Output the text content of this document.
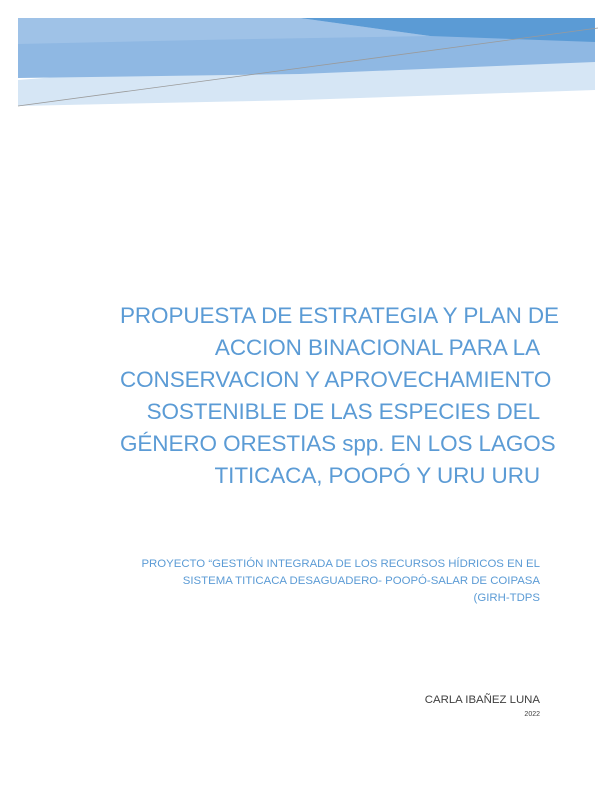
PROPUESTA DE ESTRATEGIA Y PLAN DE
ACCION BINACIONAL PARA LA
CONSERVACION Y APROVECHAMIENTO
SOSTENIBLE DE LAS ESPECIES DEL
GÉNERO ORESTIAS spp. EN LOS LAGOS
TITICACA, POOPÓ Y URU URU
PROYECTO “GESTIÓN INTEGRADA DE LOS RECURSOS HÍDRICOS EN EL
SISTEMA TITICACA DESAGUADERO- POOPÓ-SALAR DE COIPASA
(GIRH-TDPS
CARLA IBAÑEZ LUNA
2022
